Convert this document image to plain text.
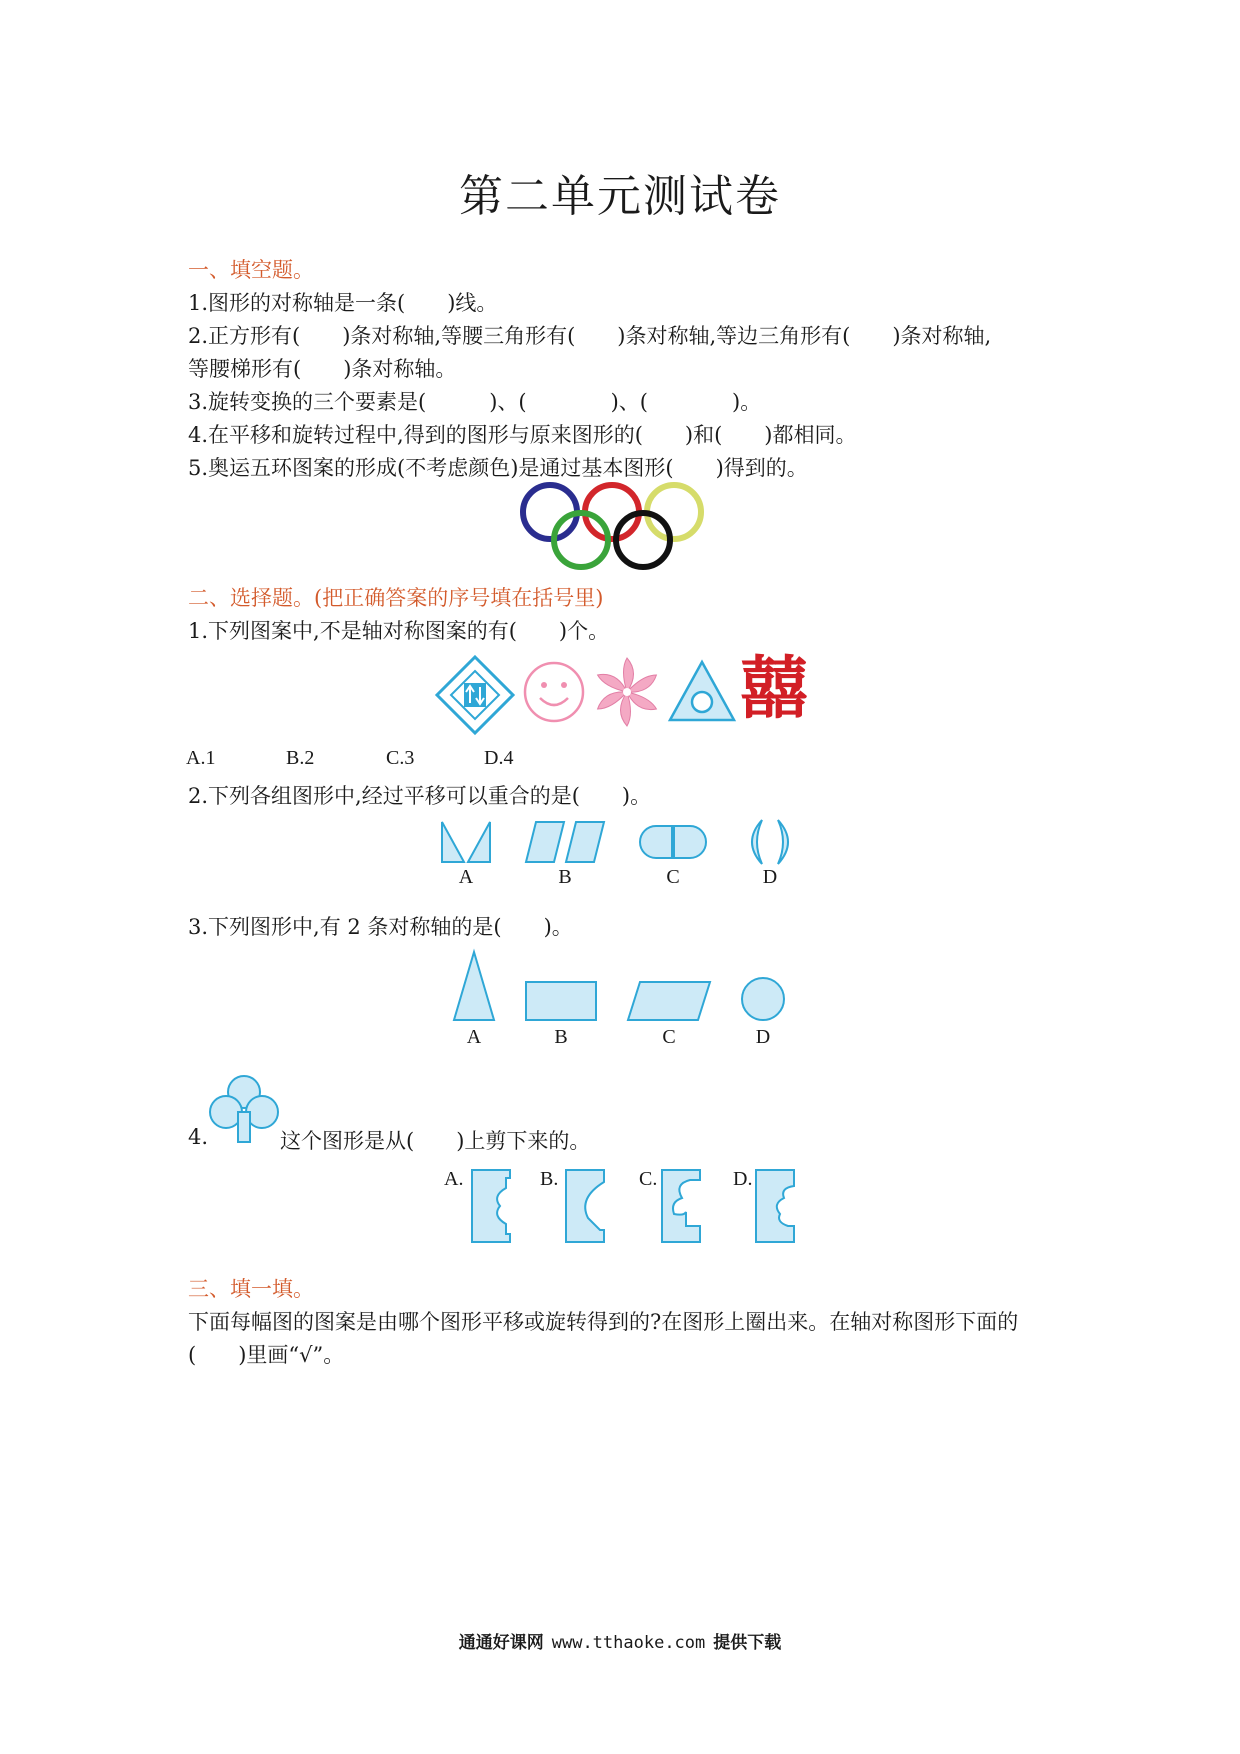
第二单元测试卷
一、填空题。
1.图形的对称轴是一条(　　)线。
2.正方形有(　　)条对称轴,等腰三角形有(　　)条对称轴,等边三角形有(　　)条对称轴,
等腰梯形有(　　)条对称轴。
3.旋转变换的三个要素是(　　　)、(　　　　)、(　　　　)。
4.在平移和旋转过程中,得到的图形与原来图形的(　　)和(　　)都相同。
5.奥运五环图案的形成(不考虑颜色)是通过基本图形(　　)得到的。
二、选择题。(把正确答案的序号填在括号里)
1.下列图案中,不是轴对称图案的有(　　)个。
囍
A.1	B.2	C.3	D.4
2.下列各组图形中,经过平移可以重合的是(　　)。
A	B	C	D
3.下列图形中,有 2 条对称轴的是(　　)。
A	B	C	D
4.	这个图形是从(　　)上剪下来的。
A.	B.	C.	D.
三、填一填。
下面每幅图的图案是由哪个图形平移或旋转得到的?在图形上圈出来。在轴对称图形下面的
(　　)里画“√”。
通通好课网 www.tthaoke.com 提供下载
